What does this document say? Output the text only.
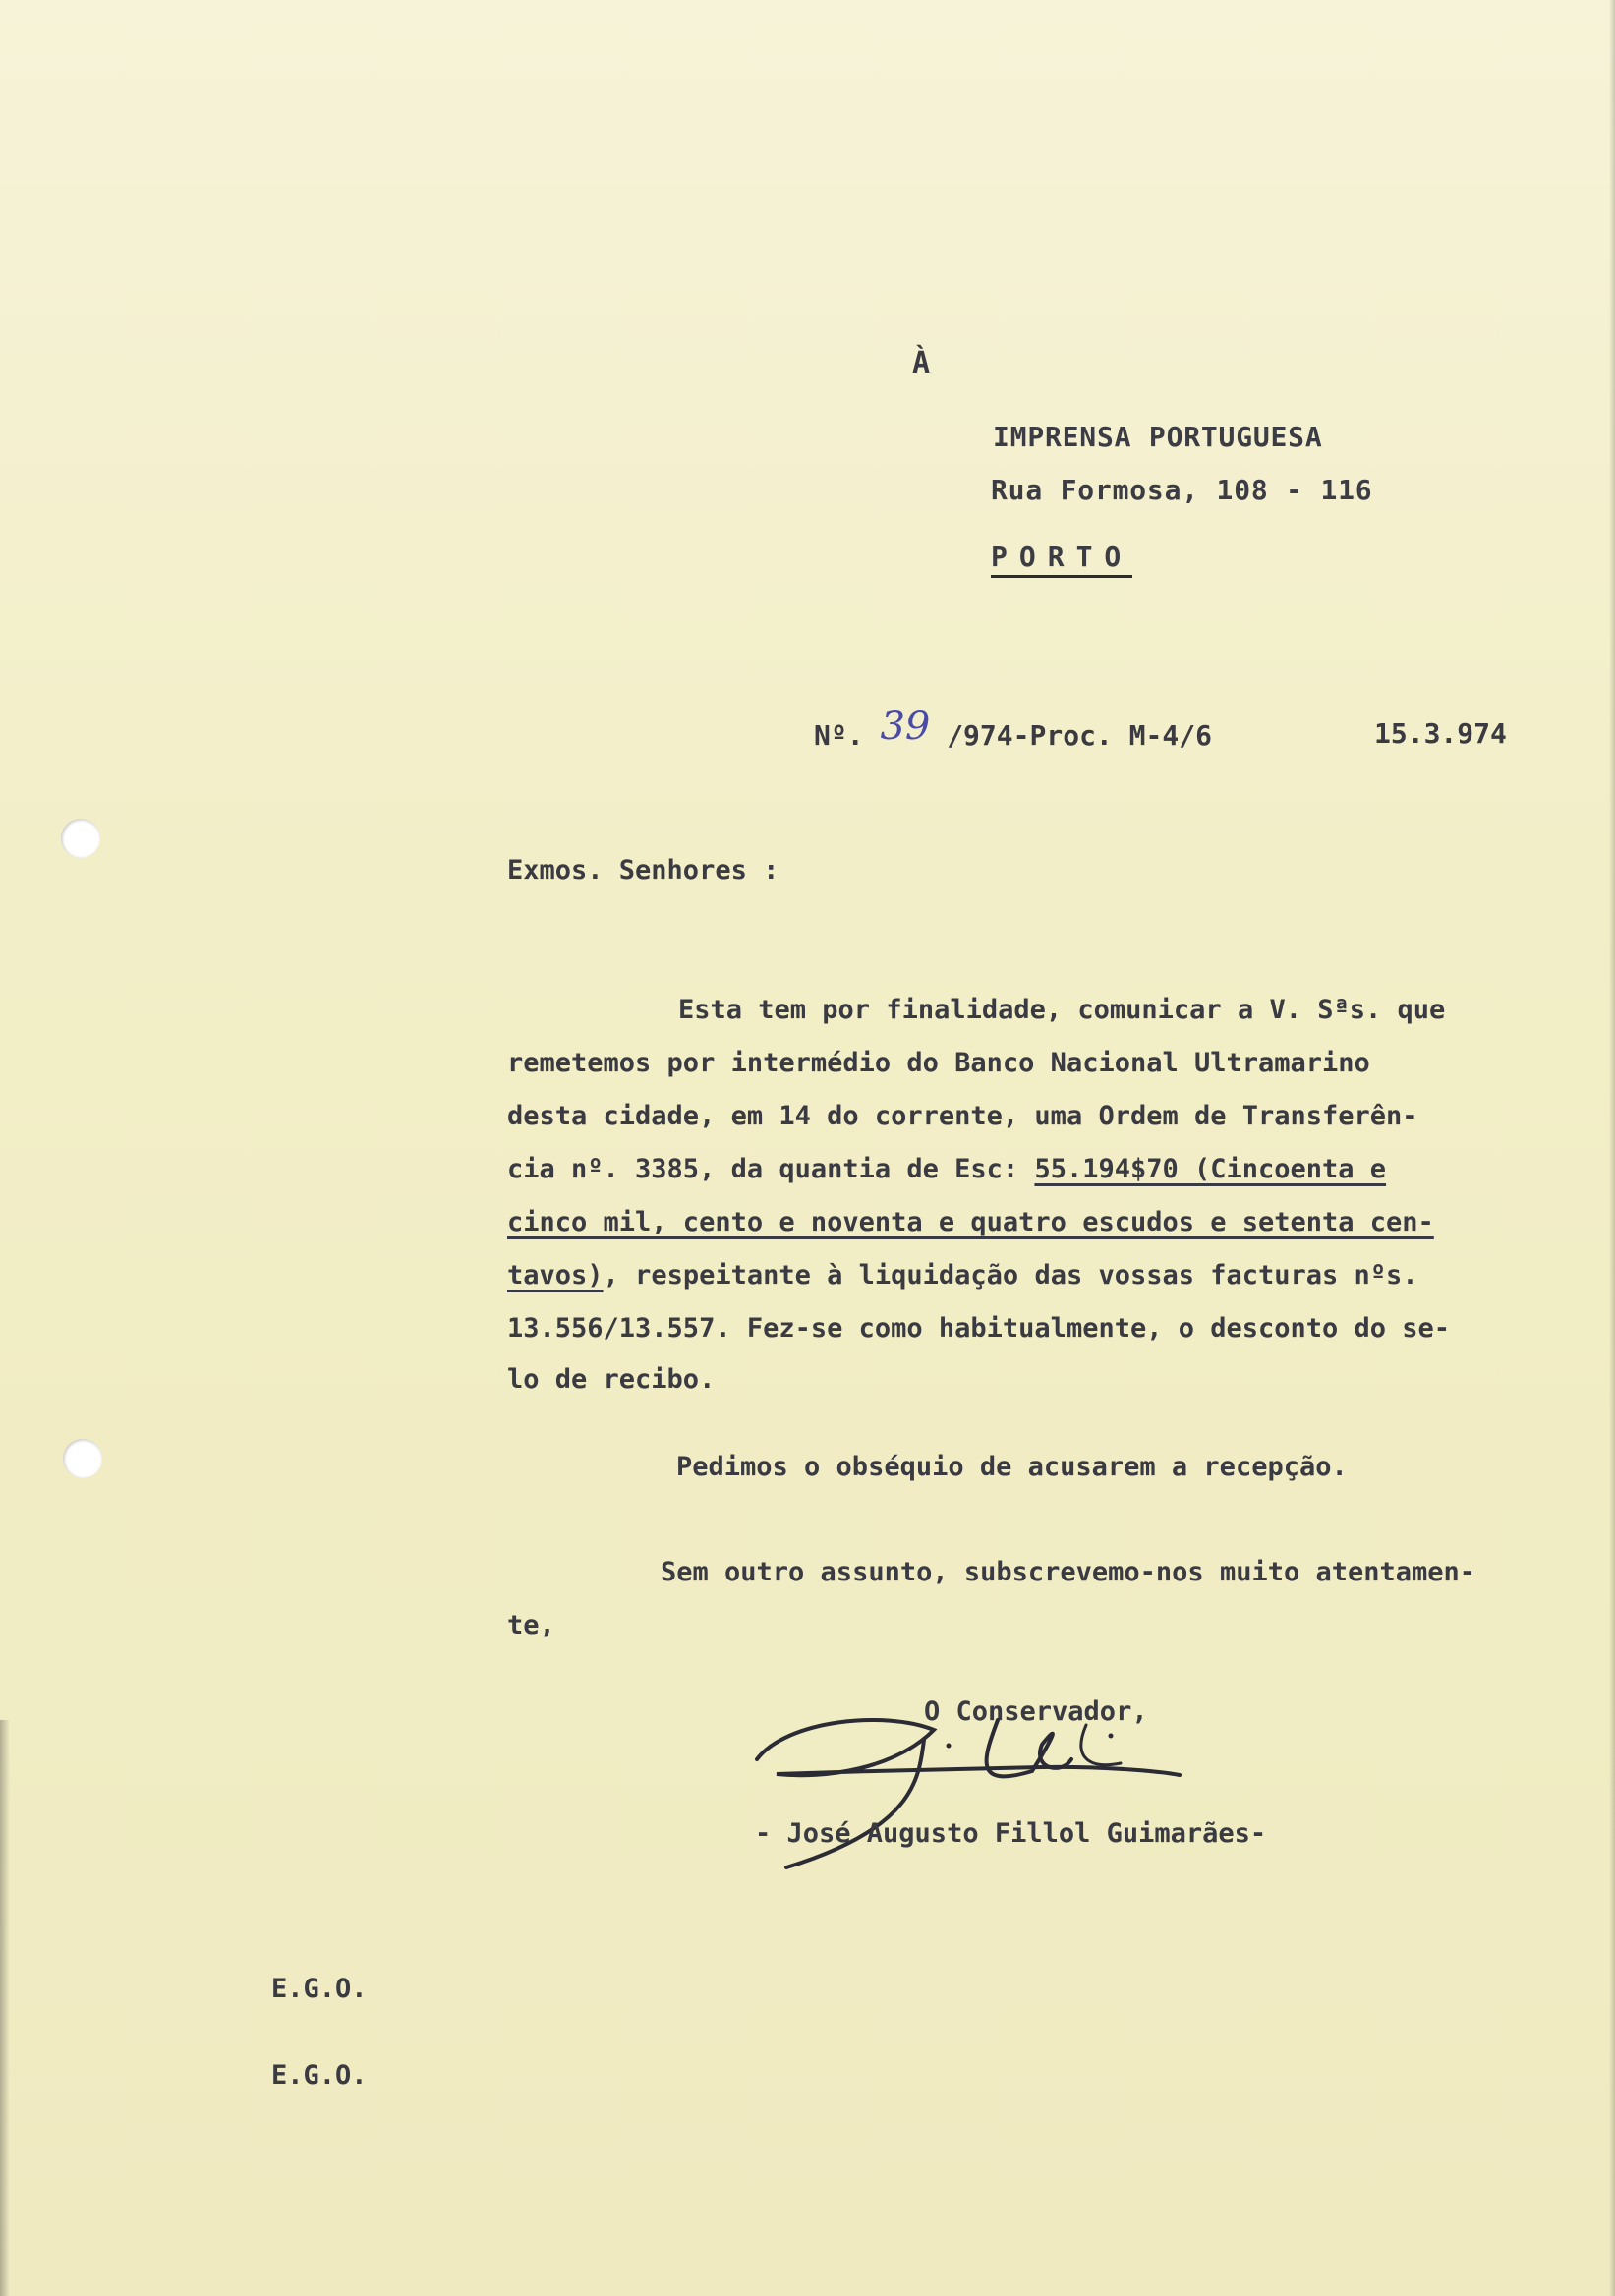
À
IMPRENSA PORTUGUESA
Rua Formosa, 108 - 116
PORTO
Nº. 39 /974-Proc. M-4/6	15.3.974
Exmos. Senhores :
Esta tem por finalidade, comunicar a V. Sªs. que
remetemos por intermédio do Banco Nacional Ultramarino
desta cidade, em 14 do corrente, uma Ordem de Transferên-
cia nº. 3385, da quantia de Esc: 55.194$70 (Cincoenta e
cinco mil, cento e noventa e quatro escudos e setenta cen-
tavos), respeitante à liquidação das vossas facturas nºs.
13.556/13.557. Fez-se como habitualmente, o desconto do se-
lo de recibo.
Pedimos o obséquio de acusarem a recepção.
Sem outro assunto, subscrevemo-nos muito atentamen-
te,
O Conservador,
- José Augusto Fillol Guimarães-
E.G.O.
E.G.O.
